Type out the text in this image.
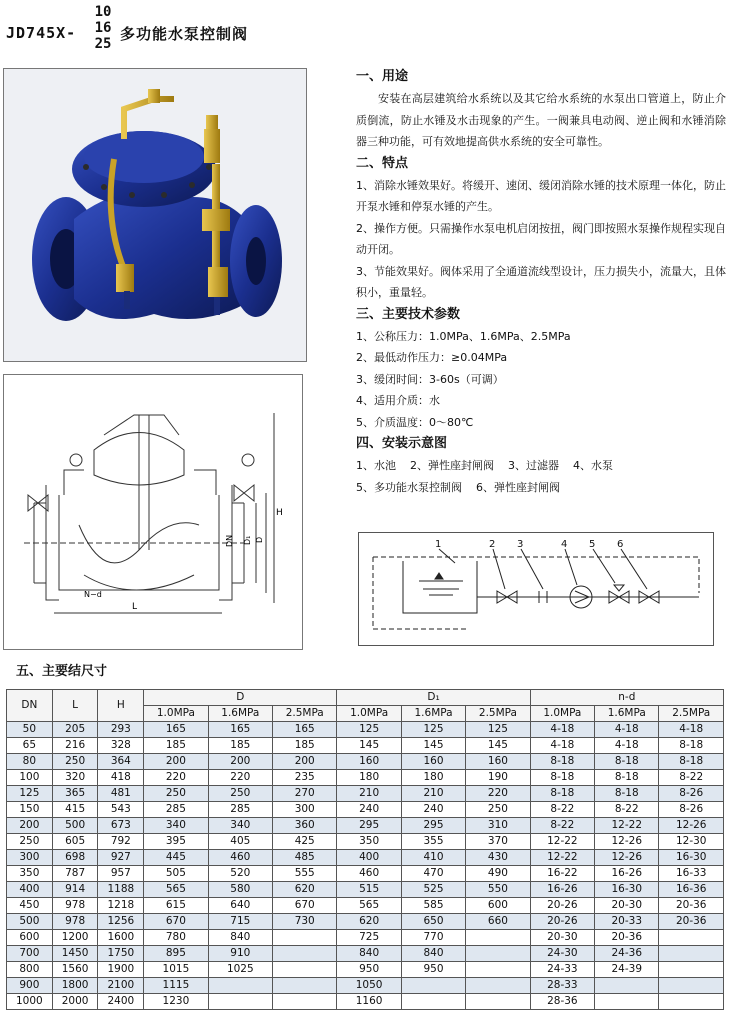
JD745X-
10
16
25
多功能水泵控制阀
H
DN D₁ D
N−d
L

一、用途

安装在高层建筑给水系统以及其它给水系统的水泵出口管道上，防止介质倒流，防止水锤及水击现象的产生。一阀兼具电动阀、逆止阀和水锤消除器三种功能，可有效地提高供水系统的安全可靠性。

二、特点

1、消除水锤效果好。将缓开、速闭、缓闭消除水锤的技术原理一体化，防止开泵水锤和停泵水锤的产生。

2、操作方便。只需操作水泵电机启闭按扭，阀门即按照水泵操作规程实现自动开闭。

3、节能效果好。阀体采用了全通道流线型设计，压力损失小，流量大，且体积小，重量轻。

三、主要技术参数

1、公称压力：1.0MPa、1.6MPa、2.5MPa

2、最低动作压力：≥0.04MPa

3、缓闭时间：3-60s（可调）

4、适用介质：水

5、介质温度：0～80℃

四、安装示意图

1、水池 2、弹性座封闸阀 3、过滤器 4、水泵
5、多功能水泵控制阀 6、弹性座封闸阀
1	2 3	4 5 6
五、主要结尺寸
DN	L	H	D			D₁			n-d		
			1.0MPa	1.6MPa	2.5MPa	1.0MPa	1.6MPa	2.5MPa	1.0MPa	1.6MPa	2.5MPa
50	205	293	165	165	165	125	125	125	4-18	4-18	4-18
65	216	328	185	185	185	145	145	145	4-18	4-18	8-18
80	250	364	200	200	200	160	160	160	8-18	8-18	8-18
100	320	418	220	220	235	180	180	190	8-18	8-18	8-22
125	365	481	250	250	270	210	210	220	8-18	8-18	8-26
150	415	543	285	285	300	240	240	250	8-22	8-22	8-26
200	500	673	340	340	360	295	295	310	8-22	12-22	12-26
250	605	792	395	405	425	350	355	370	12-22	12-26	12-30
300	698	927	445	460	485	400	410	430	12-22	12-26	16-30
350	787	957	505	520	555	460	470	490	16-22	16-26	16-33
400	914	1188	565	580	620	515	525	550	16-26	16-30	16-36
450	978	1218	615	640	670	565	585	600	20-26	20-30	20-36
500	978	1256	670	715	730	620	650	660	20-26	20-33	20-36
600	1200	1600	780	840		725	770		20-30	20-36	
700	1450	1750	895	910		840	840		24-30	24-36	
800	1560	1900	1015	1025		950	950		24-33	24-39	
900	1800	2100	1115			1050			28-33		
1000	2000	2400	1230			1160			28-36		
